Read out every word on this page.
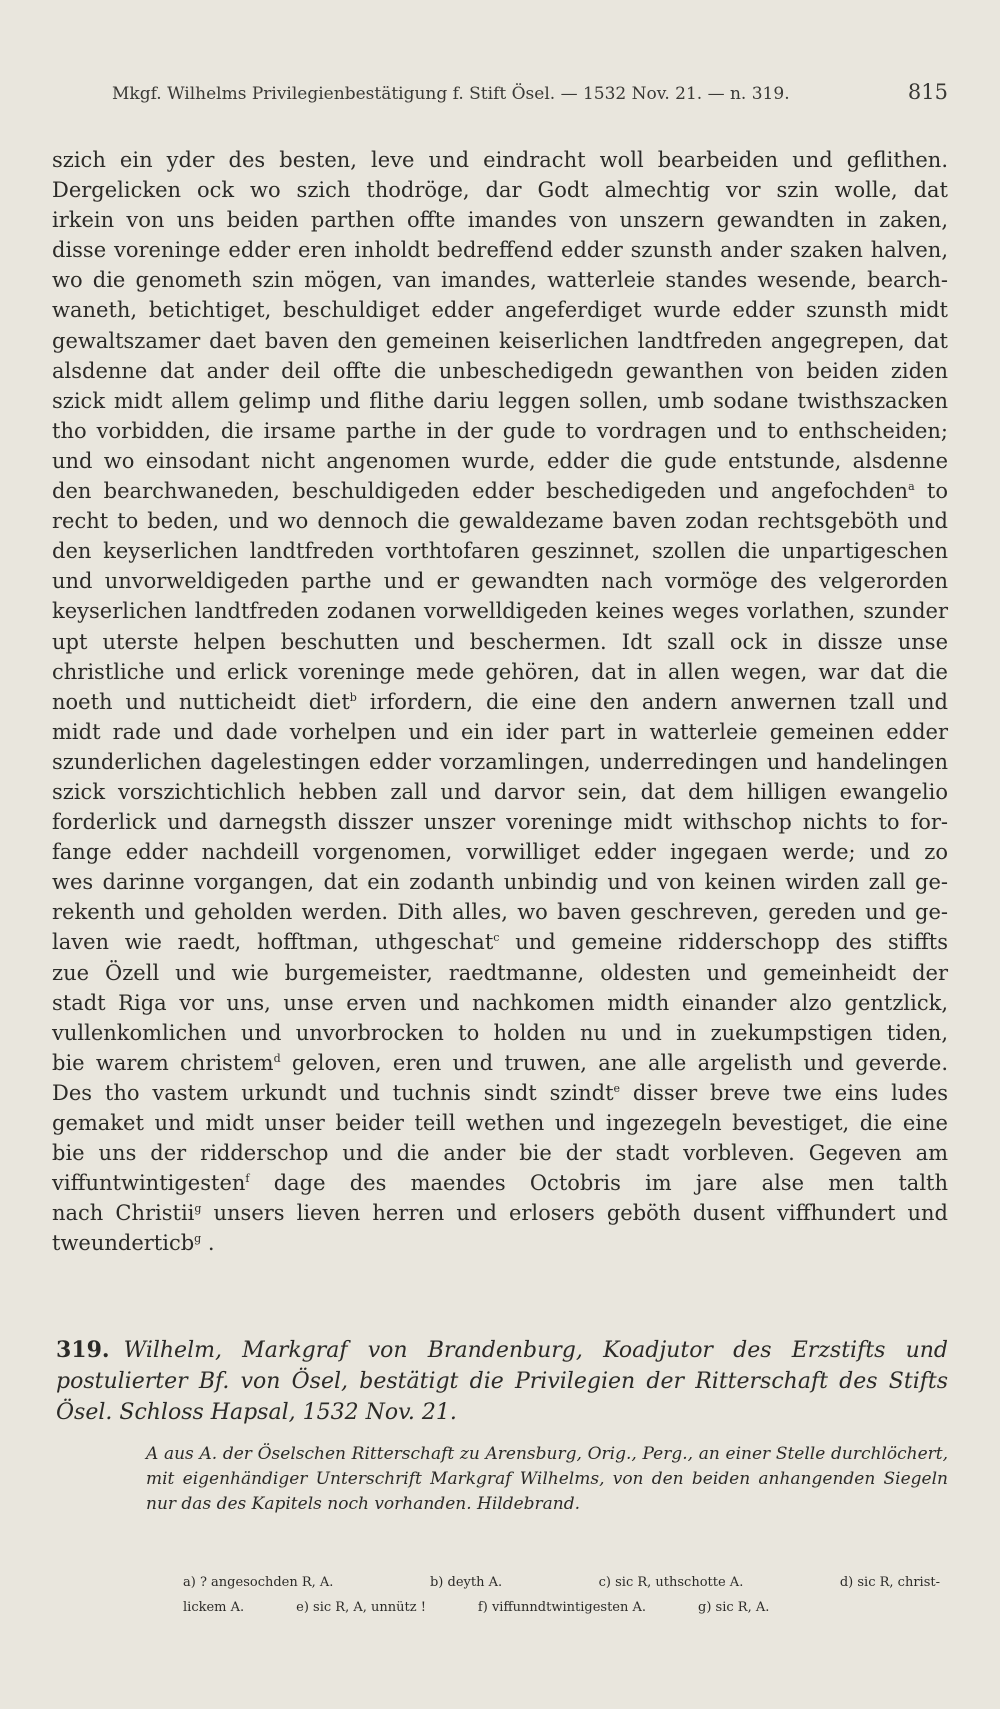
Mkgf. Wilhelms Privilegienbestätigung f. Stift Ösel. — 1532 Nov. 21. — n. 319.	815
szich ein yder des besten, leve und eindracht woll bearbeiden und geflithen.
Dergelicken ock wo szich thodröge, dar Godt almechtig vor szin wolle, dat
irkein von uns beiden parthen offte imandes von unszern gewandten in zaken,
disse voreninge edder eren inholdt bedreffend edder szunsth ander szaken halven,
wo die genometh szin mögen, van imandes, watterleie standes wesende, bearch-
waneth, betichtiget, beschuldiget edder angeferdiget wurde edder szunsth midt
gewaltszamer daet baven den gemeinen keiserlichen landtfreden angegrepen, dat
alsdenne dat ander deil offte die unbeschedigedn gewanthen von beiden ziden
szick midt allem gelimp und flithe dariu leggen sollen, umb sodane twisthszacken
tho vorbidden, die irsame parthe in der gude to vordragen und to enthscheiden;
und wo einsodant nicht angenomen wurde, edder die gude entstunde, alsdenne
den bearchwaneden, beschuldigeden edder beschedigeden und angefochden$^a$ to
recht to beden, und wo dennoch die gewaldezame baven zodan rechtsgeböth und
den keyserlichen landtfreden vorthtofaren geszinnet, szollen die unpartigeschen
und unvorweldigeden parthe und er gewandten nach vormöge des velgerorden
keyserlichen landtfreden zodanen vorwelldigeden keines weges vorlathen, szunder
upt uterste helpen beschutten und beschermen. Idt szall ock in dissze unse
christliche und erlick voreninge mede gehören, dat in allen wegen, war dat die
noeth und nutticheidt diet$^b$ irfordern, die eine den andern anwernen tzall und
midt rade und dade vorhelpen und ein ider part in watterleie gemeinen edder
szunderlichen dagelestingen edder vorzamlingen, underredingen und handelingen
szick vorszichtichlich hebben zall und darvor sein, dat dem hilligen ewangelio
forderlick und darnegsth disszer unszer voreninge midt withschop nichts to for-
fange edder nachdeill vorgenomen, vorwilliget edder ingegaen werde; und zo
wes darinne vorgangen, dat ein zodanth unbindig und von keinen wirden zall ge-
rekenth und geholden werden. Dith alles, wo baven geschreven, gereden und ge-
laven wie raedt, hofftman, uthgeschat$^c$ und gemeine ridderschopp des stiffts
zue Özell und wie burgemeister, raedtmanne, oldesten und gemeinheidt der
stadt Riga vor uns, unse erven und nachkomen midth einander alzo gentzlick,
vullenkomlichen und unvorbrocken to holden nu und in zuekumpstigen tiden,
bie warem christem$^d$ geloven, eren und truwen, ane alle argelisth und geverde.
Des tho vastem urkundt und tuchnis sindt szindt$^e$ disser breve twe eins ludes
gemaket und midt unser beider teill wethen und ingezegeln bevestiget, die eine
bie uns der ridderschop und die ander bie der stadt vorbleven. Gegeven am
viffuntwintigesten$^f$ dage des maendes Octobris im jare alse men talth
nach Christii$^g$ unsers lieven herren und erlosers geböth dusent viffhundert und
tweunderticb$^g$ .
319. Wilhelm, Markgraf von Brandenburg, Koadjutor des Erzstifts und postulierter Bf. von Ösel, bestätigt die Privilegien der Ritterschaft des Stifts Ösel. Schloss Hapsal, 1532 Nov. 21.
A aus A. der Öselschen Ritterschaft zu Arensburg, Orig., Perg., an einer Stelle durchlöchert, mit eigenhändiger Unterschrift Markgraf Wilhelms, von den beiden anhangenden Siegeln nur das des Kapitels noch vorhanden. Hildebrand.
a) ? angesochden R, A.	b) deyth A.	c) sic R, uthschotte A.	d) sic R, christ-
lickem A.	e) sic R, A, unnütz !	f) viffunndtwintigesten A.	g) sic R, A.
